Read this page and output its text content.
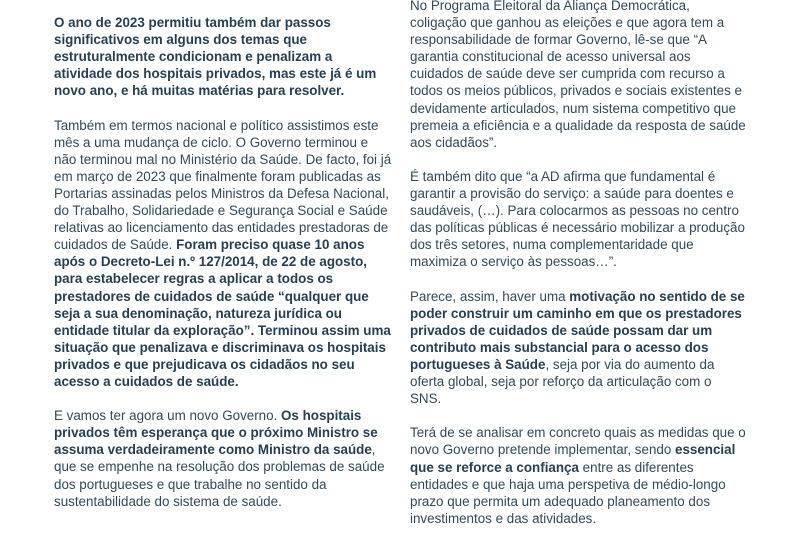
O ano de 2023 permitiu também dar passos significativos em alguns dos temas que estruturalmente condicionam e penalizam a atividade dos hospitais privados, mas este já é um novo ano, e há muitas matérias para resolver.

Também em termos nacional e político assistimos este mês a uma mudança de ciclo. O Governo terminou e não terminou mal no Ministério da Saúde. De facto, foi já em março de 2023 que finalmente foram publicadas as Portarias assinadas pelos Ministros da Defesa Nacional, do Trabalho, Solidariedade e Segurança Social e Saúde relativas ao licenciamento das entidades prestadoras de cuidados de Saúde. Foram preciso quase 10 anos após o Decreto-Lei n.º 127/2014, de 22 de agosto, para estabelecer regras a aplicar a todos os prestadores de cuidados de saúde “qualquer que seja a sua denominação, natureza jurídica ou entidade titular da exploração”. Terminou assim uma situação que penalizava e discriminava os hospitais privados e que prejudicava os cidadãos no seu acesso a cuidados de saúde.

E vamos ter agora um novo Governo. Os hospitais privados têm esperança que o próximo Ministro se assuma verdadeiramente como Ministro da saúde, que se empenhe na resolução dos problemas de saúde dos portugueses e que trabalhe no sentido da sustentabilidade do sistema de saúde.

No Programa Eleitoral da Aliança Democrática, coligação que ganhou as eleições e que agora tem a responsabilidade de formar Governo, lê-se que “A garantia constitucional de acesso universal aos cuidados de saúde deve ser cumprida com recurso a todos os meios públicos, privados e sociais existentes e devidamente articulados, num sistema competitivo que premeia a eficiência e a qualidade da resposta de saúde aos cidadãos”.

É também dito que “a AD afirma que fundamental é garantir a provisão do serviço: a saúde para doentes e saudáveis, (…). Para colocarmos as pessoas no centro das políticas públicas é necessário mobilizar a produção dos três setores, numa complementaridade que maximiza o serviço às pessoas…”.

Parece, assim, haver uma motivação no sentido de se poder construir um caminho em que os prestadores privados de cuidados de saúde possam dar um contributo mais substancial para o acesso dos portugueses à Saúde, seja por via do aumento da oferta global, seja por reforço da articulação com o SNS.

Terá de se analisar em concreto quais as medidas que o novo Governo pretende implementar, sendo essencial que se reforce a confiança entre as diferentes entidades e que haja uma perspetiva de médio-longo prazo que permita um adequado planeamento dos investimentos e das atividades.
